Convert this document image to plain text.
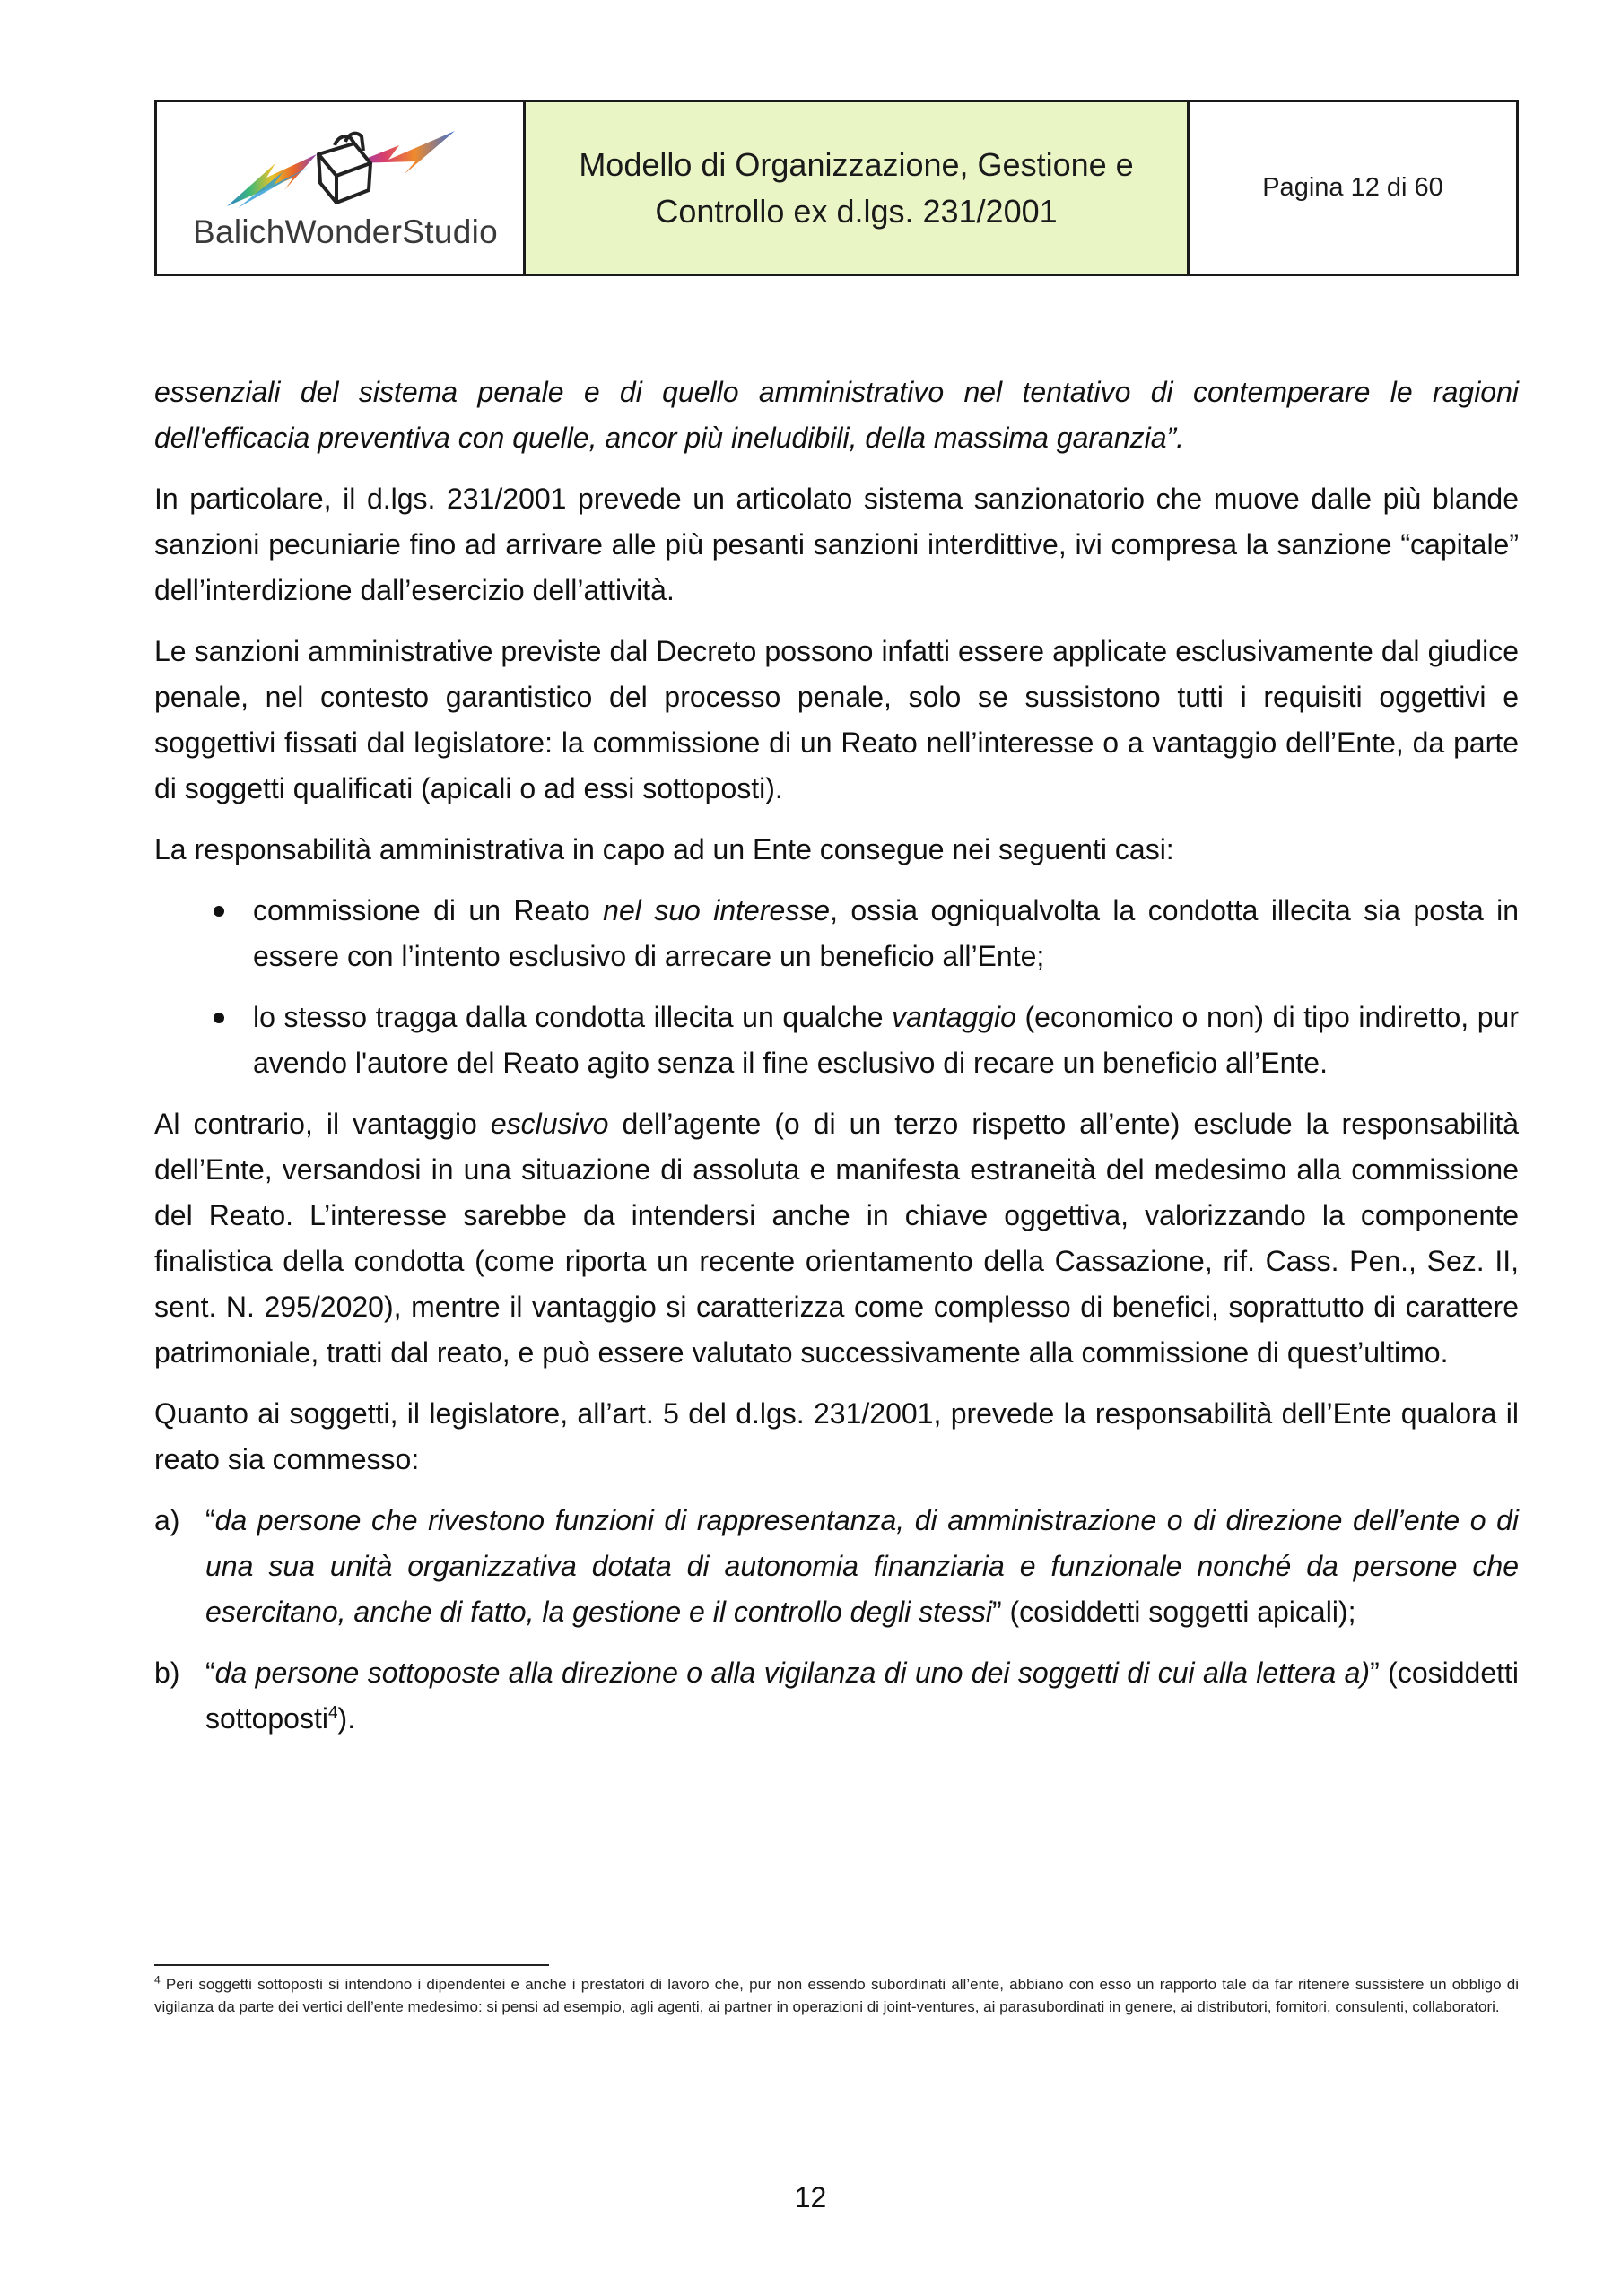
BalichWonderStudio
Modello di Organizzazione, Gestione e
Controllo ex d.lgs. 231/2001
Pagina 12 di 60

essenziali del sistema penale e di quello amministrativo nel tentativo di contemperare le ragioni dell'efficacia preventiva con quelle, ancor più ineludibili, della massima garanzia”.

In particolare, il d.lgs. 231/2001 prevede un articolato sistema sanzionatorio che muove dalle più blande sanzioni pecuniarie fino ad arrivare alle più pesanti sanzioni interdittive, ivi compresa la sanzione “capitale” dell’interdizione dall’esercizio dell’attività.

Le sanzioni amministrative previste dal Decreto possono infatti essere applicate esclusivamente dal giudice penale, nel contesto garantistico del processo penale, solo se sussistono tutti i requisiti oggettivi e soggettivi fissati dal legislatore: la commissione di un Reato nell’interesse o a vantaggio dell’Ente, da parte di soggetti qualificati (apicali o ad essi sottoposti).

La responsabilità amministrativa in capo ad un Ente consegue nei seguenti casi:

commissione di un Reato nel suo interesse, ossia ogniqualvolta la condotta illecita sia posta in essere con l’intento esclusivo di arrecare un beneficio all’Ente;
lo stesso tragga dalla condotta illecita un qualche vantaggio (economico o non) di tipo indiretto, pur avendo l'autore del Reato agito senza il fine esclusivo di recare un beneficio all’Ente.

Al contrario, il vantaggio esclusivo dell’agente (o di un terzo rispetto all’ente) esclude la responsabilità dell’Ente, versandosi in una situazione di assoluta e manifesta estraneità del medesimo alla commissione del Reato. L’interesse sarebbe da intendersi anche in chiave oggettiva, valorizzando la componente finalistica della condotta (come riporta un recente orientamento della Cassazione, rif. Cass. Pen., Sez. II, sent. N. 295/2020), mentre il vantaggio si caratterizza come complesso di benefici, soprattutto di carattere patrimoniale, tratti dal reato, e può essere valutato successivamente alla commissione di quest’ultimo.

Quanto ai soggetti, il legislatore, all’art. 5 del d.lgs. 231/2001, prevede la responsabilità dell’Ente qualora il reato sia commesso:

a) “da persone che rivestono funzioni di rappresentanza, di amministrazione o di direzione dell’ente o di una sua unità organizzativa dotata di autonomia finanziaria e funzionale nonché da persone che esercitano, anche di fatto, la gestione e il controllo degli stessi” (cosiddetti soggetti apicali);
b) “da persone sottoposte alla direzione o alla vigilanza di uno dei soggetti di cui alla lettera a)” (cosiddetti sottoposti$^4$).
$^4$ Peri soggetti sottoposti si intendono i dipendentei e anche i prestatori di lavoro che, pur non essendo subordinati all’ente, abbiano con esso un rapporto tale da far ritenere sussistere un obbligo di vigilanza da parte dei vertici dell’ente medesimo: si pensi ad esempio, agli agenti, ai partner in operazioni di joint-ventures, ai parasubordinati in genere, ai distributori, fornitori, consulenti, collaboratori.
12
